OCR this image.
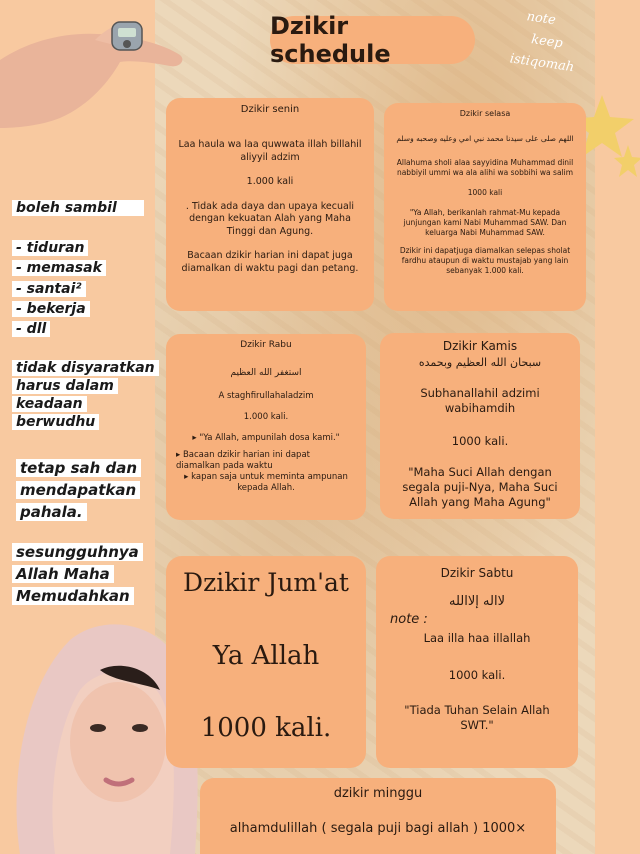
Dzikir schedule
note
keep
istiqomah
boleh sambil
- tiduran
- memasak
- santai²
- bekerja
- dll
tidak disyaratkan
harus dalam
keadaan
berwudhu
tetap sah dan
mendapatkan
pahala.
sesungguhnya
Allah Maha
Memudahkan
Dzikir senin

Laa haula wa laa quwwata illah billahil aliyyil adzim

1.000 kali

. Tidak ada daya dan upaya kecuali dengan kekuatan Alah yang Maha Tinggi dan Agung.

Bacaan dzikir harian ini dapat juga diamalkan di waktu pagi dan petang.

Dzikir selasa

اللهم صلى على سيدنا محمد نبي امي وعليه وصحبه وسلم

Allahuma sholi alaa sayyidina Muhammad dinil nabbiyil ummi wa ala alihi wa sobbihi wa salim

1000 kali

"Ya Allah, berikanlah rahmat-Mu kepada junjungan kami Nabi Muhammad SAW. Dan keluarga Nabi Muhammad SAW.

Dzikir ini dapatjuga diamalkan selepas sholat fardhu ataupun di waktu mustajab yang lain sebanyak 1.000 kali.

Dzikir Rabu

استغفر الله العظيم

A staghfirullahaladzim

1.000 kali.

▸ "Ya Allah, ampunilah dosa kami."

▸ Bacaan dzikir harian ini dapat diamalkan pada waktu

▸ kapan saja untuk meminta ampunan kepada Allah.

Dzikir Kamis

سبحان الله العظيم وبحمده

Subhanallahil adzimi wabihamdih

1000 kali.

"Maha Suci Allah dengan segala puji-Nya, Maha Suci Allah yang Maha Agung"

Dzikir Jum'at
Ya Allah
1000 kali.
Dzikir Sabtu
note :

لااله إلاالله

Laa illa haa illallah

1000 kali.

"Tiada Tuhan Selain Allah SWT."

dzikir minggu

alhamdulillah ( segala puji bagi allah ) 1000×
